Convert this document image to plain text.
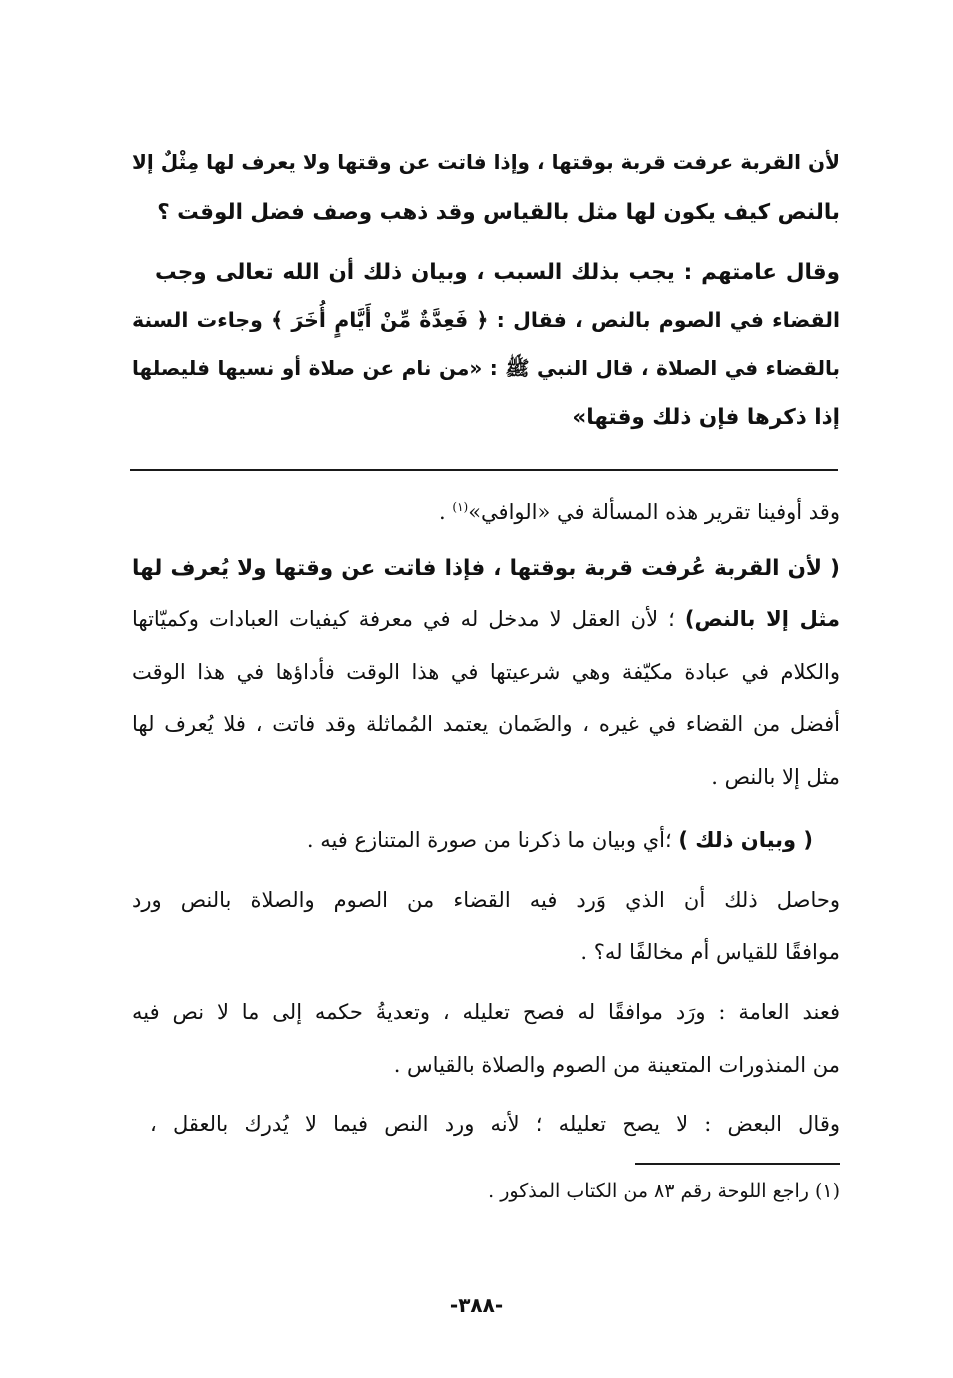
لأن القربة عرفت قربة بوقتها ، وإذا فاتت عن وقتها ولا يعرف لها مِثْلٌ إلا
بالنص كيف يكون لها مثل بالقياس وقد ذهب وصف فضل الوقت ؟
وقال عامتهم : يجب بذلك السبب ، وبيان ذلك أن الله تعالى وجب
القضاء في الصوم بالنص ، فقال : ﴿ فَعِدَّةٌ مِّنْ أَيَّامٍ أُخَرَ ﴾ وجاءت السنة
بالقضاء في الصلاة ، قال النبي ﷺ : «من نام عن صلاة أو نسيها فليصلها
إذا ذكرها فإن ذلك وقتها»
وقد أوفينا تقرير هذه المسألة في «الوافي»$^{(١)}$ .
( لأن القربة عُرفت قربة بوقتها ، فإذا فاتت عن وقتها ولا يُعرف لها
مثل إلا بالنص) ؛ لأن العقل لا مدخل له في معرفة كيفيات العبادات وكميّاتها
والكلام في عبادة مكيّفة وهي شرعيتها في هذا الوقت فأداؤها في هذا الوقت
أفضل من القضاء في غيره ، والضَمان يعتمد المُماثلة وقد فاتت ، فلا يُعرف لها
مثل إلا بالنص .
( وبيان ذلك ) ؛أي وبيان ما ذكرنا من صورة المتنازع فيه .
وحاصل ذلك أن الذي وَرد فيه القضاء من الصوم والصلاة بالنص ورد
موافقًا للقياس أم مخالفًا له؟ .
فعند العامة : ورَد موافقًا له فصح تعليله ، وتعديةُ حكمه إلى ما لا نص فيه
من المنذورات المتعينة من الصوم والصلاة بالقياس .
وقال البعض : لا يصح تعليله ؛ لأنه ورد النص فيما لا يُدرك بالعقل ،
(١) راجع اللوحة رقم ٨٣ من الكتاب المذكور .
-٣٨٨-
